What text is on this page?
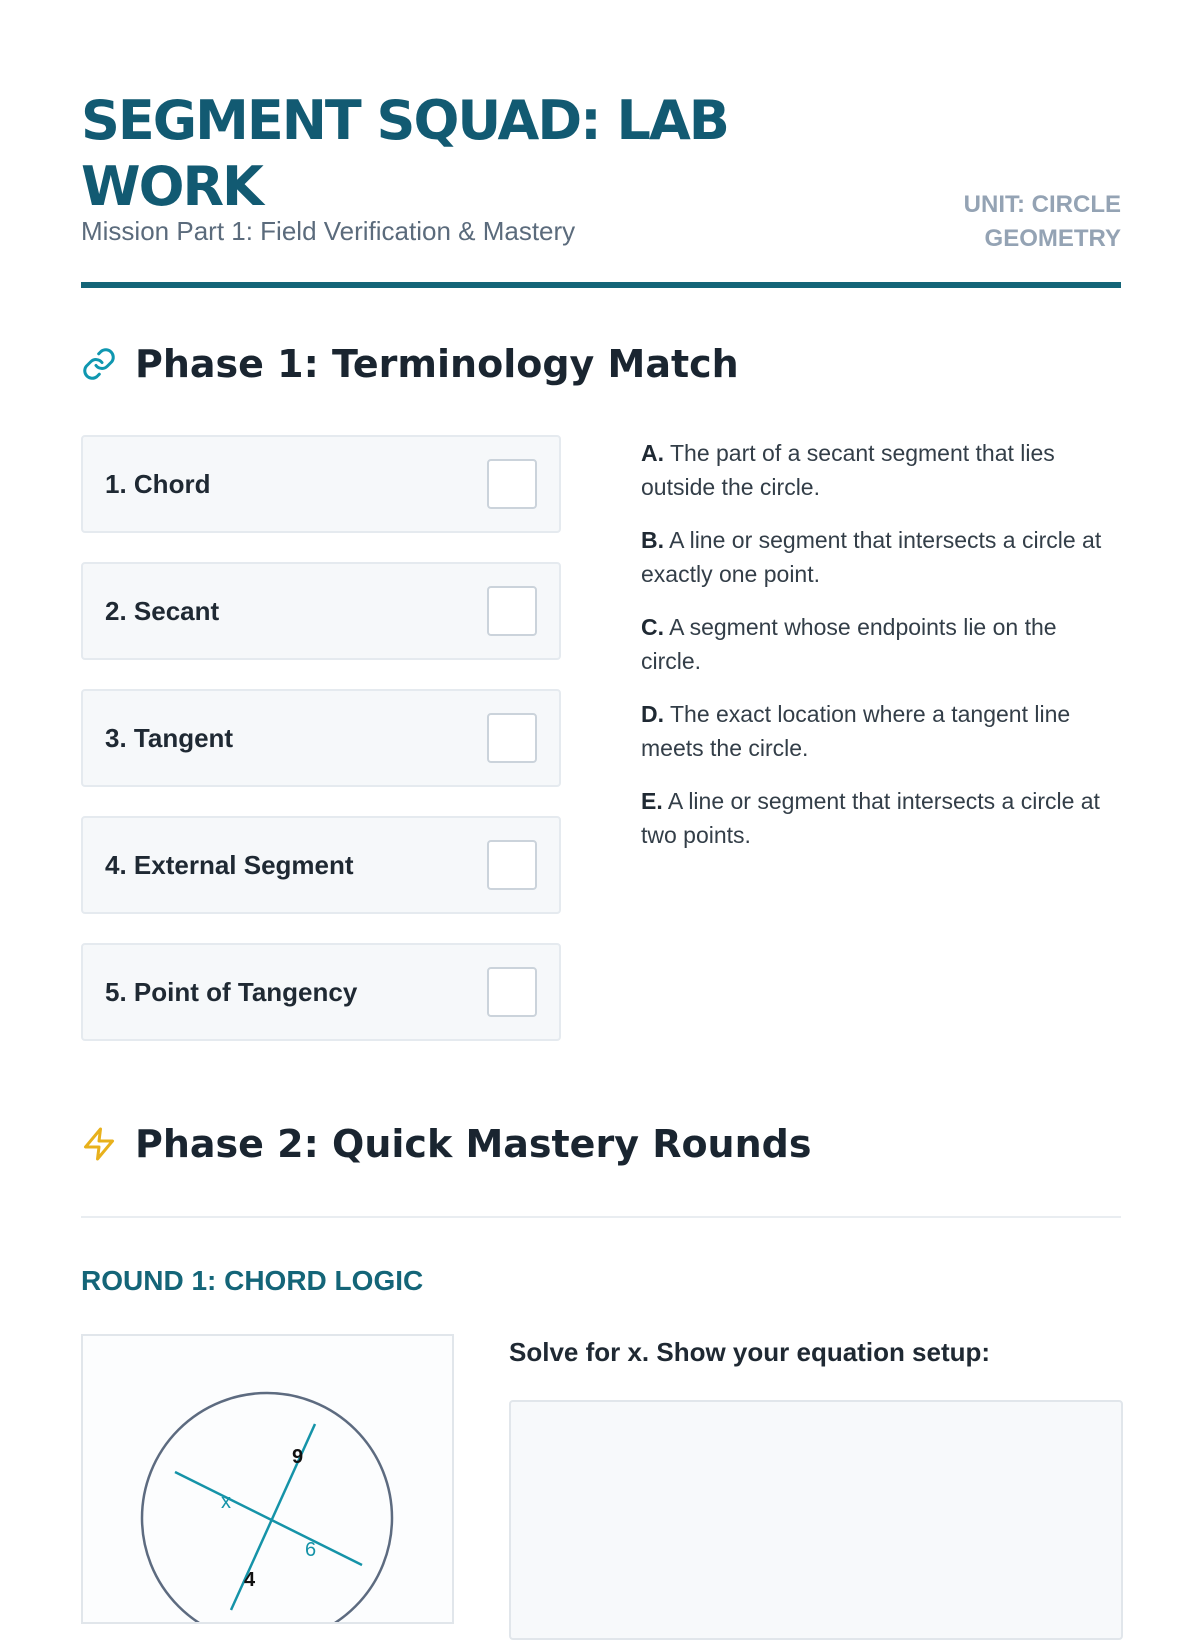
SEGMENT SQUAD: LAB WORK
Mission Part 1: Field Verification & Mastery
UNIT: CIRCLE
GEOMETRY
Phase 1: Terminology Match
1. Chord
2. Secant
3. Tangent
4. External Segment
5. Point of Tangency
A. The part of a secant segment that lies outside the circle.
B. A line or segment that intersects a circle at exactly one point.
C. A segment whose endpoints lie on the circle.
D. The exact location where a tangent line meets the circle.
E. A line or segment that intersects a circle at two points.
Phase 2: Quick Mastery Rounds
ROUND 1: CHORD LOGIC
9
x
6
4
Solve for x. Show your equation setup:
